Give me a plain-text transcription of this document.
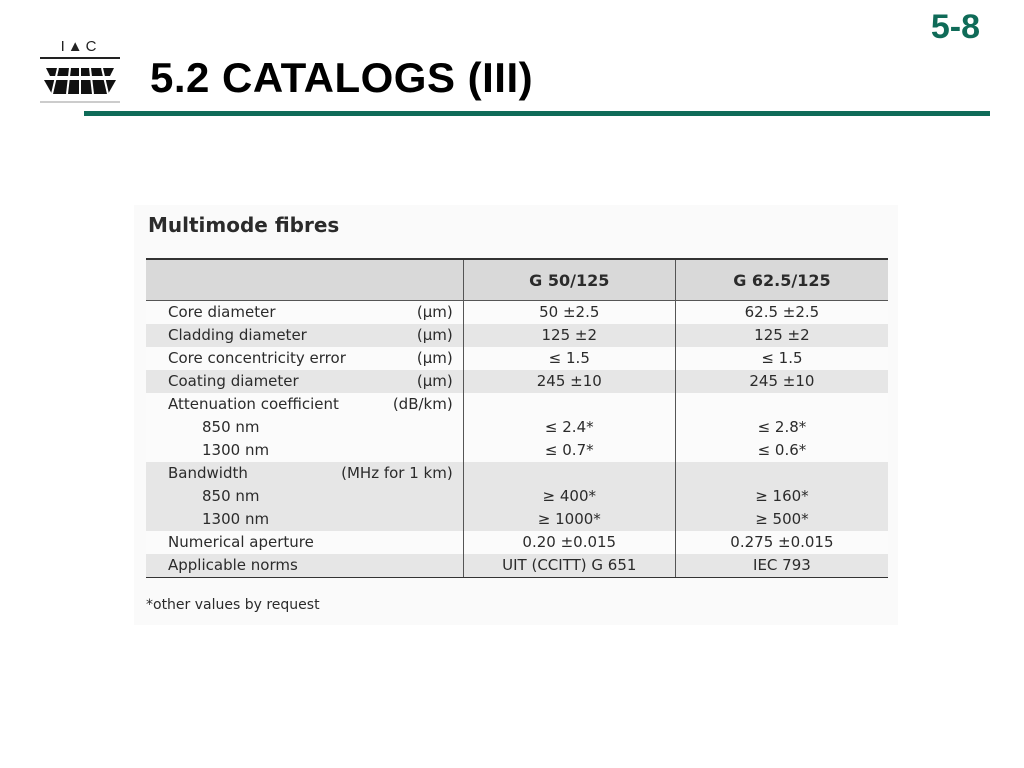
I▲C
5-8
5.2 CATALOGS (III)
Multimode fibres
	G 50/125	G 62.5/125

Core diameter (µm)	50 ±2.5	62.5 ±2.5

Cladding diameter (µm)	125 ±2	125 ±2

Core concentricity error (µm)	≤ 1.5	≤ 1.5

Coating diameter (µm)	245 ±10	245 ±10

Attenuation coefficient (dB/km)		

850 nm	≤ 2.4*	≤ 2.8*

1300 nm	≤ 0.7*	≤ 0.6*

Bandwidth (MHz for 1 km)		

850 nm	≥ 400*	≥ 160*

1300 nm	≥ 1000*	≥ 500*

Numerical aperture	0.20 ±0.015	0.275 ±0.015

Applicable norms	UIT (CCITT) G 651	IEC 793
*other values by request
